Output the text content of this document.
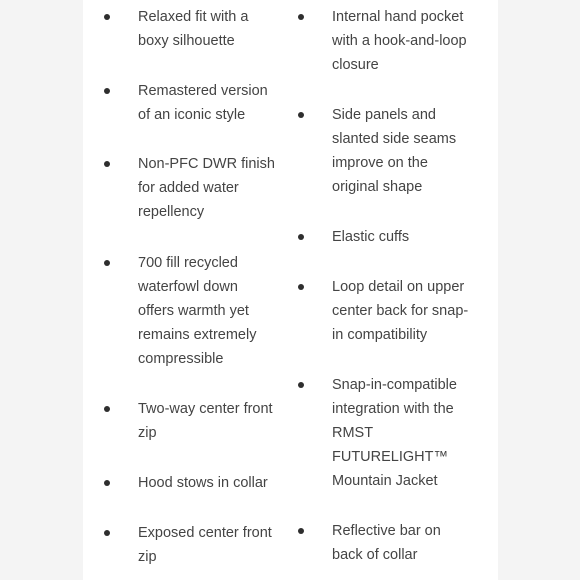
Relaxed fit with a
boxy silhouette
Remastered version
of an iconic style
Non-PFC DWR finish
for added water
repellency
700 fill recycled
waterfowl down
offers warmth yet
remains extremely
compressible
Two-way center front
zip
Hood stows in collar
Exposed center front
zip
Internal hand pocket
with a hook-and-loop
closure
Side panels and
slanted side seams
improve on the
original shape
Elastic cuffs
Loop detail on upper
center back for snap-
in compatibility
Snap-in-compatible
integration with the
RMST
FUTURELIGHT™
Mountain Jacket
Reflective bar on
back of collar
